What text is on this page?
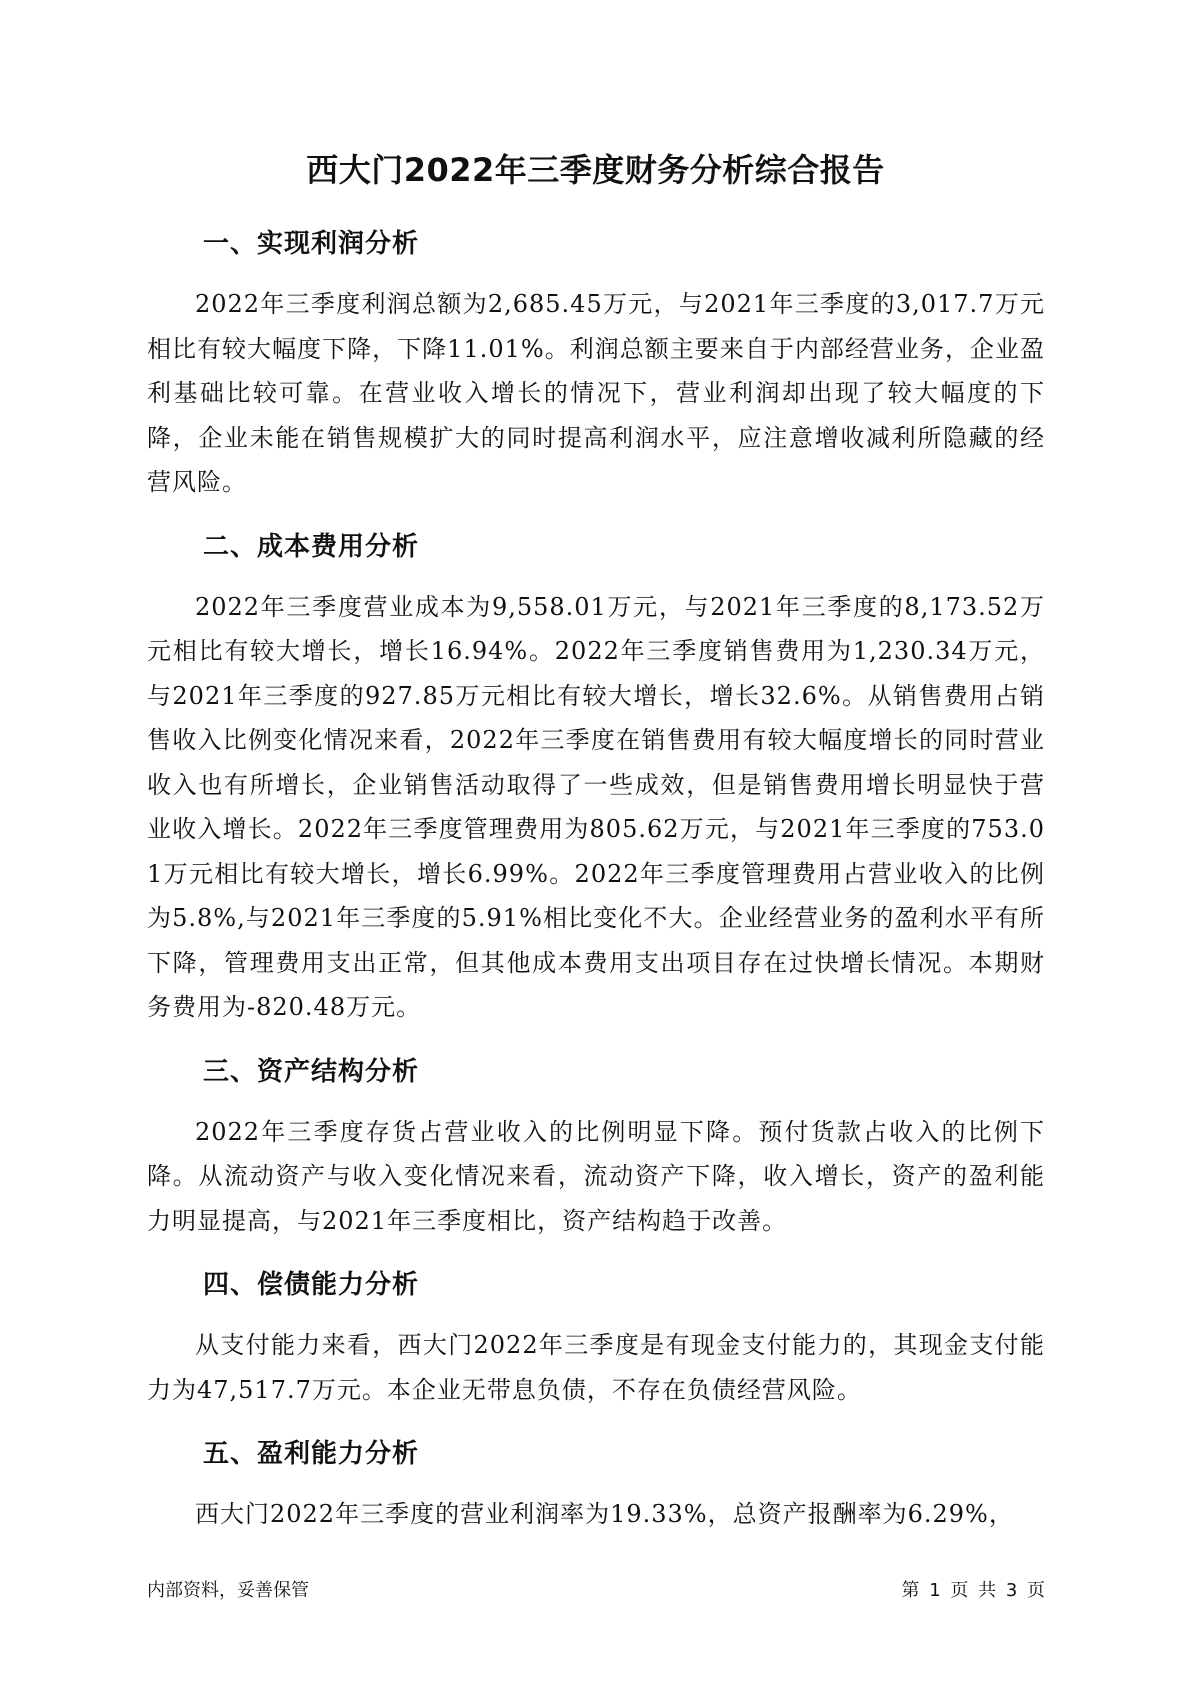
西大门2022年三季度财务分析综合报告
一、实现利润分析

2022年三季度利润总额为2,685.45万元，与2021年三季度的3,017.7万元相比有较大幅度下降，下降11.01%。利润总额主要来自于内部经营业务，企业盈利基础比较可靠。在营业收入增长的情况下，营业利润却出现了较大幅度的下降，企业未能在销售规模扩大的同时提高利润水平，应注意增收减利所隐藏的经营风险。

二、成本费用分析

2022年三季度营业成本为9,558.01万元，与2021年三季度的8,173.52万元相比有较大增长，增长16.94%。2022年三季度销售费用为1,230.34万元，与2021年三季度的927.85万元相比有较大增长，增长32.6%。从销售费用占销售收入比例变化情况来看，2022年三季度在销售费用有较大幅度增长的同时营业收入也有所增长，企业销售活动取得了一些成效，但是销售费用增长明显快于营业收入增长。2022年三季度管理费用为805.62万元，与2021年三季度的753.01万元相比有较大增长，增长6.99%。2022年三季度管理费用占营业收入的比例为5.8%,与2021年三季度的5.91%相比变化不大。企业经营业务的盈利水平有所下降，管理费用支出正常，但其他成本费用支出项目存在过快增长情况。本期财务费用为-820.48万元。

三、资产结构分析

2022年三季度存货占营业收入的比例明显下降。预付货款占收入的比例下降。从流动资产与收入变化情况来看，流动资产下降，收入增长，资产的盈利能力明显提高，与2021年三季度相比，资产结构趋于改善。

四、偿债能力分析

从支付能力来看，西大门2022年三季度是有现金支付能力的，其现金支付能力为47,517.7万元。本企业无带息负债，不存在负债经营风险。

五、盈利能力分析

西大门2022年三季度的营业利润率为19.33%，总资产报酬率为6.29%，

内部资料，妥善保管	第 1 页 共 3 页
